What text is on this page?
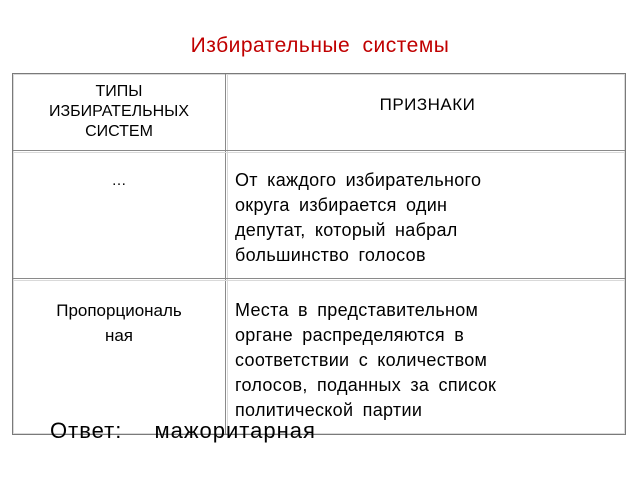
Избирательные системы
ТИПЫ
ИЗБИРАТЕЛЬНЫХ
СИСТЕМ
ПРИЗНАКИ
…	От каждого избирательного
округа избирается один
депутат, который набрал
большинство голосов
Пропорциональ
ная
Места в представительном
органе распределяются в
соответствии с количеством
голосов, поданных за список
политической партии
Ответ: мажоритарная
